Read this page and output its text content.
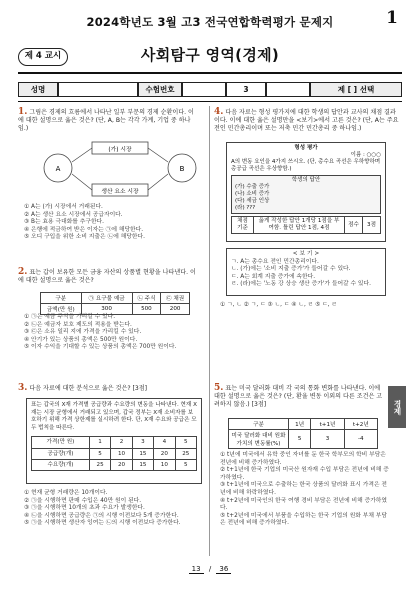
2024학년도 3월 고3 전국연합학력평가 문제지	1
제 4 교시	사회탐구 영역(경제)
성명	수험번호	3	제 [ ] 선택
1. 그림은 경제의 흐름에서 나타난 일부 부문의 경제 순환이다. 이에 대한 설명으로 옳은 것은? (단, A, B는 각각 가계, 기업 중 하나임.)
A	B
(가) 시장
생산 요소 시장
① A는 (가) 시장에서 거래된다.
② A는 생산 요소 시장에서 공급자이다.
③ B는 효용 극대화를 추구한다.
④ 은행에 적금하여 받은 이자는 ㉠에 해당한다.
⑤ 오디 구입을 위한 소비 지출은 ㉡에 해당한다.
2. 표는 갑이 보유한 모든 금융 자산의 상품별 현황을 나타낸다. 이에 대한 설명으로 옳은 것은?
구분	㉠ 요구불 예금	㉡ 주식	㉢ 채권
금액(만 원)	300	500	200
① ㉠은 예금 주식을 가리킬 수 있다.
② ㉡은 예금자 보호 제도의 적용을 받는다.
③ ㉢은 소유 일리 지에 가격을 가리킬 수 있다.
④ 안기가 있는 상품의 총액은 500만 원이다.
⑤ 이자 수익을 기대할 수 있는 상품의 총액은 700만 원이다.
3. 다음 자료에 대한 분석으로 옳은 것은? [3점]
표는 갑국의 X재 가격별 공급량과 수요량의 변동을 나타낸다. 현재 X재는 시장 균형에서 거래되고 있으며, 갑국 정부는 X재 소비자를 보호하기 위해 가격 상한제를 실시하려 한다. 단, X재 수요와 공급은 모두 법칙을 따른다.
가격(만 원)	1	2	3	4	5
공급량(개)	5	10	15	20	25
수요량(개)	25	20	15	10	5
① 현재 균형 거래량은 10개이다.
② ㉠을 시행하면 판매 수입은 40만 원이 된다.
③ ㉠을 시행하면 10개의 초과 수요가 발생한다.
④ ㉡을 시행하면 공급량은 ㉠의 시행 이전보다 5개 증가한다.
⑤ ㉠을 시행하면 생산자 잉여는 ㉡의 시행 이전보다 증가한다.
4. 다음 자료는 형성 평가지에 대한 학생의 답안과 교사의 채점 결과이다. 이에 대한 옳은 설명만을 <보기>에서 고른 것은? (단, A는 주요 전인 민간총리이며 또는 저축 민간 민간총리 중 하나임.)
형성 평가
이름 : ○○○
A의 변동 요인을 4가지 쓰시오. (단, 총수요 곡선은 우하향하며 총공급 곡선은 우상향함.)
학생의 답안
(가) 수출 증가
(나) 소비 증가
(다) 세금 인상
(라) ???
채점 기준	옳게 작성한 답안 1개당 1점을 부여함. 틀린 답안 1점, 4점	점수	3점
< 보 기 >
ㄱ. A는 총수요 전인 민간총리이다.
ㄴ. (가)에는 '소비 지출 증가'가 들어갈 수 있다.
ㄷ. A는 회계 지출 증가에 속한다.
ㄹ. (라)에는 '노동 강 상승 생산 증가'가 들어갈 수 있다.
① ㄱ, ㄴ ② ㄱ, ㄷ ③ ㄴ, ㄷ ④ ㄴ, ㄹ ⑤ ㄷ, ㄹ
5. 표는 미국 달러화 대비 각 국의 통화 변화를 나타낸다. 이에 대한 설명으로 옳은 것은? (단, 환율 변동 이외의 다른 조건은 고려하지 않음.) [3점]
구분	1년	t+1년	t+2년
미국 달러화 대비 원화 가치의 변동률(%)	5	3	-4
① t년에 미국에서 유학 중인 자녀를 둔 한국 학부모의 학비 부담은 전년에 비해 증가하였다.
② t+1년에 한국 기업의 미국산 원자재 수입 부담은 전년에 비해 증가하였다.
③ t+1년에 미국으로 수출하는 한국 상품의 달러화 표시 가격은 전년에 비해 하락하였다.
④ t+2년에 미국인의 한국 여행 경비 부담은 전년에 비해 증가하였다.
⑤ t+2년에 미국에서 부품을 수입하는 한국 기업의 원화 부채 부담은 전년에 비해 증가하였다.
경제
13 / 36
